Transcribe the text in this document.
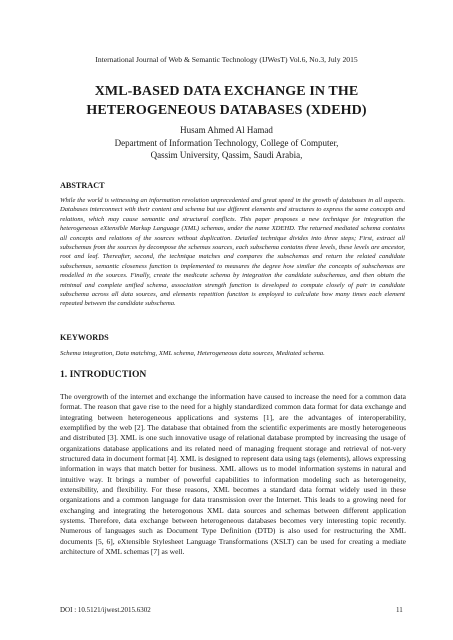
International Journal of Web & Semantic Technology (IJWesT) Vol.6, No.3, July 2015
XML-BASED DATA EXCHANGE IN THE
HETEROGENEOUS DATABASES (XDEHD)
Husam Ahmed Al Hamad
Department of Information Technology, College of Computer,
Qassim University, Qassim, Saudi Arabia,
ABSTRACT
While the world is witnessing an information revolution unprecedented and great speed in the growth of databases in all aspects. Databases interconnect with their content and schema but use different elements and structures to express the same concepts and relations, which may cause semantic and structural conflicts. This paper proposes a new technique for integration the heterogeneous eXtensible Markup Language (XML) schemas, under the name XDEHD. The returned mediated schema contains all concepts and relations of the sources without duplication. Detailed technique divides into three steps; First, extract all subschemas from the sources by decompose the schemas sources, each subschema contains three levels, these levels are ancestor, root and leaf. Thereafter, second, the technique matches and compares the subschemas and return the related candidate subschemas, semantic closeness function is implemented to measures the degree how similar the concepts of subschemas are modelled in the sources. Finally, create the medicate schema by integration the candidate subschemas, and then obtain the minimal and complete unified schema, association strength function is developed to compute closely of pair in candidate subschema across all data sources, and elements repetition function is employed to calculate how many times each element repeated between the candidate subschema.
KEYWORDS
Schema integration, Data matching, XML schema, Heterogeneous data sources, Mediated schema.
1. INTRODUCTION
The overgrowth of the internet and exchange the information have caused to increase the need for a common data format. The reason that gave rise to the need for a highly standardized common data format for data exchange and integrating between heterogeneous applications and systems [1], are the advantages of interoperability, exemplified by the web [2]. The database that obtained from the scientific experiments are mostly heterogeneous and distributed [3]. XML is one such innovative usage of relational database prompted by increasing the usage of organizations database applications and its related need of managing frequent storage and retrieval of not-very structured data in document format [4]. XML is designed to represent data using tags (elements), allows expressing information in ways that match better for business. XML allows us to model information systems in natural and intuitive way. It brings a number of powerful capabilities to information modeling such as heterogeneity, extensibility, and flexibility. For these reasons, XML becomes a standard data format widely used in these organizations and a common language for data transmission over the Internet. This leads to a growing need for exchanging and integrating the heterogonous XML data sources and schemas between different application systems. Therefore, data exchange between heterogeneous databases becomes very interesting topic recently. Numerous of languages such as Document Type Definition (DTD) is also used for restructuring the XML documents [5, 6], eXtensible Stylesheet Language Transformations (XSLT) can be used for creating a mediate architecture of XML schemas [7] as well.
DOI : 10.5121/ijwest.2015.6302	11
